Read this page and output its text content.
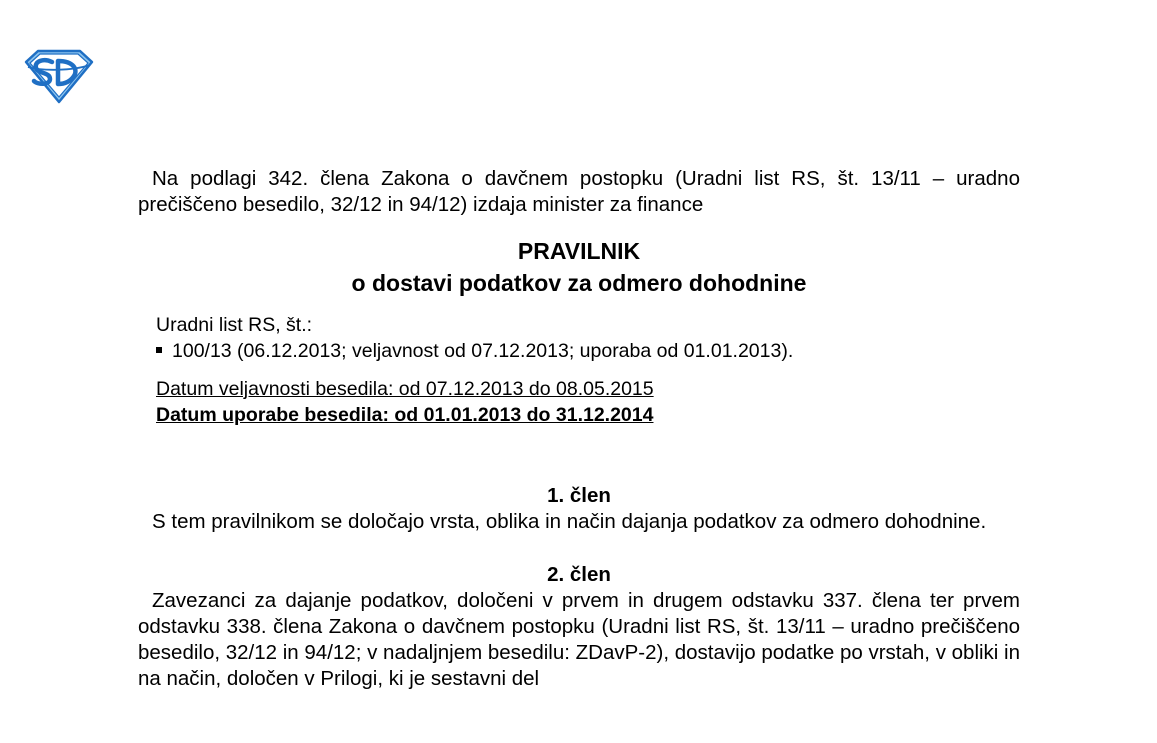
Na podlagi 342. člena Zakona o davčnem postopku (Uradni list RS, št. 13/11 – uradno prečiščeno besedilo, 32/12 in 94/12) izdaja minister za finance

PRAVILNIK

o dostavi podatkov za odmero dohodnine

Uradni list RS, št.:
100/13 (06.12.2013; veljavnost od 07.12.2013; uporaba od 01.01.2013).
Datum veljavnosti besedila: od 07.12.2013 do 08.05.2015
Datum uporabe besedila: od 01.01.2013 do 31.12.2014

1. člen

S tem pravilnikom se določajo vrsta, oblika in način dajanja podatkov za odmero dohodnine.

2. člen

Zavezanci za dajanje podatkov, določeni v prvem in drugem odstavku 337. člena ter prvem odstavku 338. člena Zakona o davčnem postopku (Uradni list RS, št. 13/11 – uradno prečiščeno besedilo, 32/12 in 94/12; v nadaljnjem besedilu: ZDavP-2), dostavijo podatke po vrstah, v obliki in na način, določen v Prilogi, ki je sestavni del
